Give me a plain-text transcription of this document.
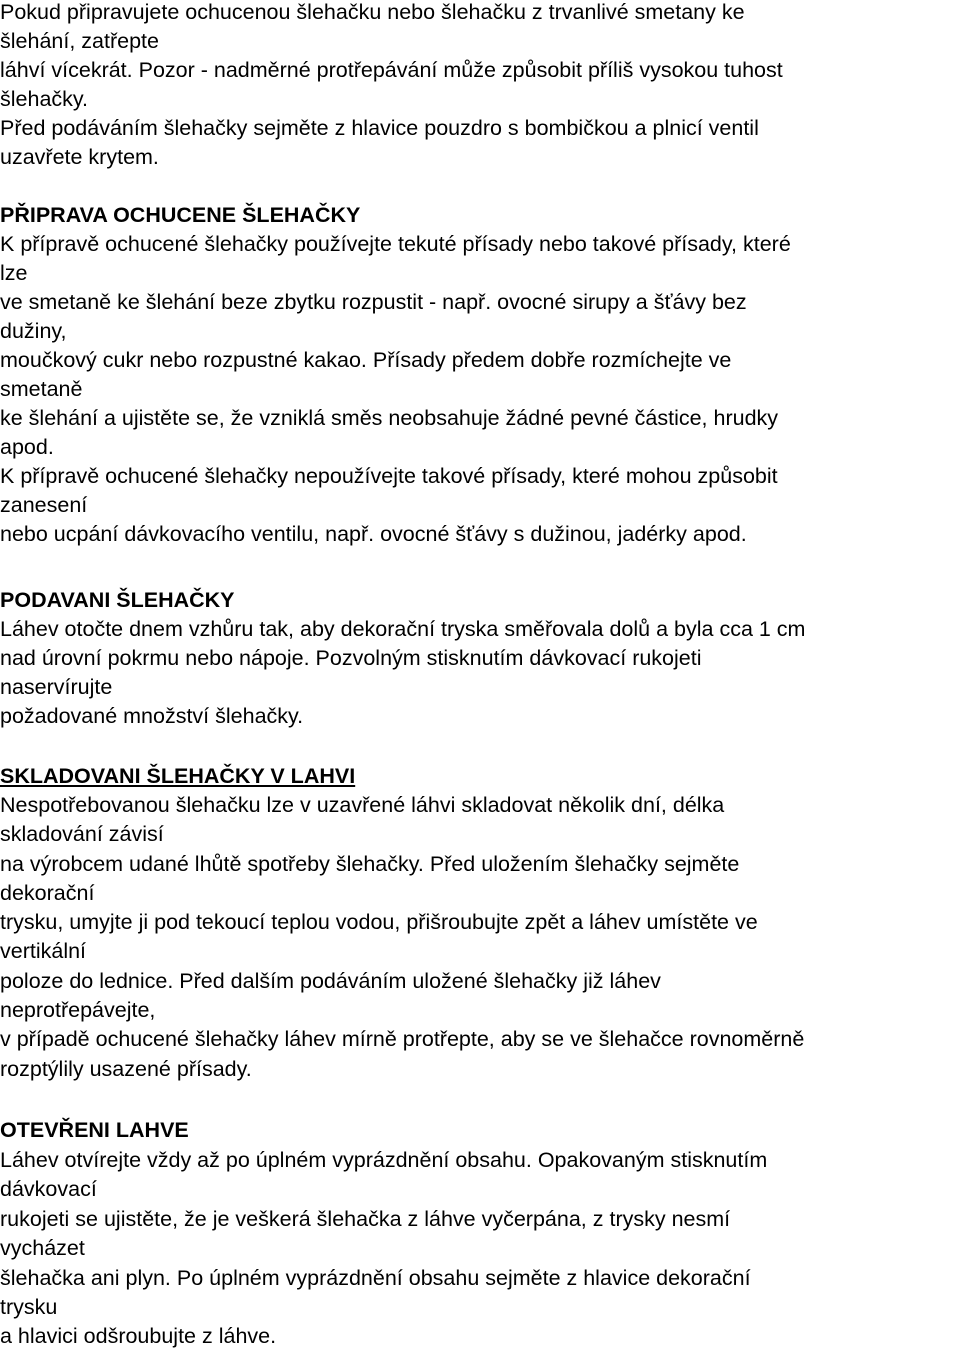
Pokud připravujete ochucenou šlehačku nebo šlehačku z trvanlivé smetany ke
šlehání, zatřepte
láhví vícekrát. Pozor - nadměrné protřepávání může způsobit příliš vysokou tuhost
šlehačky.
Před podáváním šlehačky sejměte z hlavice pouzdro s bombičkou a plnicí ventil
uzavřete krytem.
PŘIPRAVA OCHUCENE ŠLEHAČKY
K přípravě ochucené šlehačky používejte tekuté přísady nebo takové přísady, které
lze
ve smetaně ke šlehání beze zbytku rozpustit - např. ovocné sirupy a šťávy bez
dužiny,
moučkový cukr nebo rozpustné kakao. Přísady předem dobře rozmíchejte ve
smetaně
ke šlehání a ujistěte se, že vzniklá směs neobsahuje žádné pevné částice, hrudky
apod.
K přípravě ochucené šlehačky nepoužívejte takové přísady, které mohou způsobit
zanesení
nebo ucpání dávkovacího ventilu, např. ovocné šťávy s dužinou, jadérky apod.
PODAVANI ŠLEHAČKY
Láhev otočte dnem vzhůru tak, aby dekorační tryska směřovala dolů a byla cca 1 cm
nad úrovní pokrmu nebo nápoje. Pozvolným stisknutím dávkovací rukojeti
naservírujte
požadované množství šlehačky.
SKLADOVANI ŠLEHAČKY V LAHVI
Nespotřebovanou šlehačku lze v uzavřené láhvi skladovat několik dní, délka
skladování závisí
na výrobcem udané lhůtě spotřeby šlehačky. Před uložením šlehačky sejměte
dekorační
trysku, umyjte ji pod tekoucí teplou vodou, přišroubujte zpět a láhev umístěte ve
vertikální
poloze do lednice. Před dalším podáváním uložené šlehačky již láhev
neprotřepávejte,
v případě ochucené šlehačky láhev mírně protřepte, aby se ve šlehačce rovnoměrně
rozptýlily usazené přísady.
OTEVŘENI LAHVE
Láhev otvírejte vždy až po úplném vyprázdnění obsahu. Opakovaným stisknutím
dávkovací
rukojeti se ujistěte, že je veškerá šlehačka z láhve vyčerpána, z trysky nesmí
vycházet
šlehačka ani plyn. Po úplném vyprázdnění obsahu sejměte z hlavice dekorační
trysku
a hlavici odšroubujte z láhve.
